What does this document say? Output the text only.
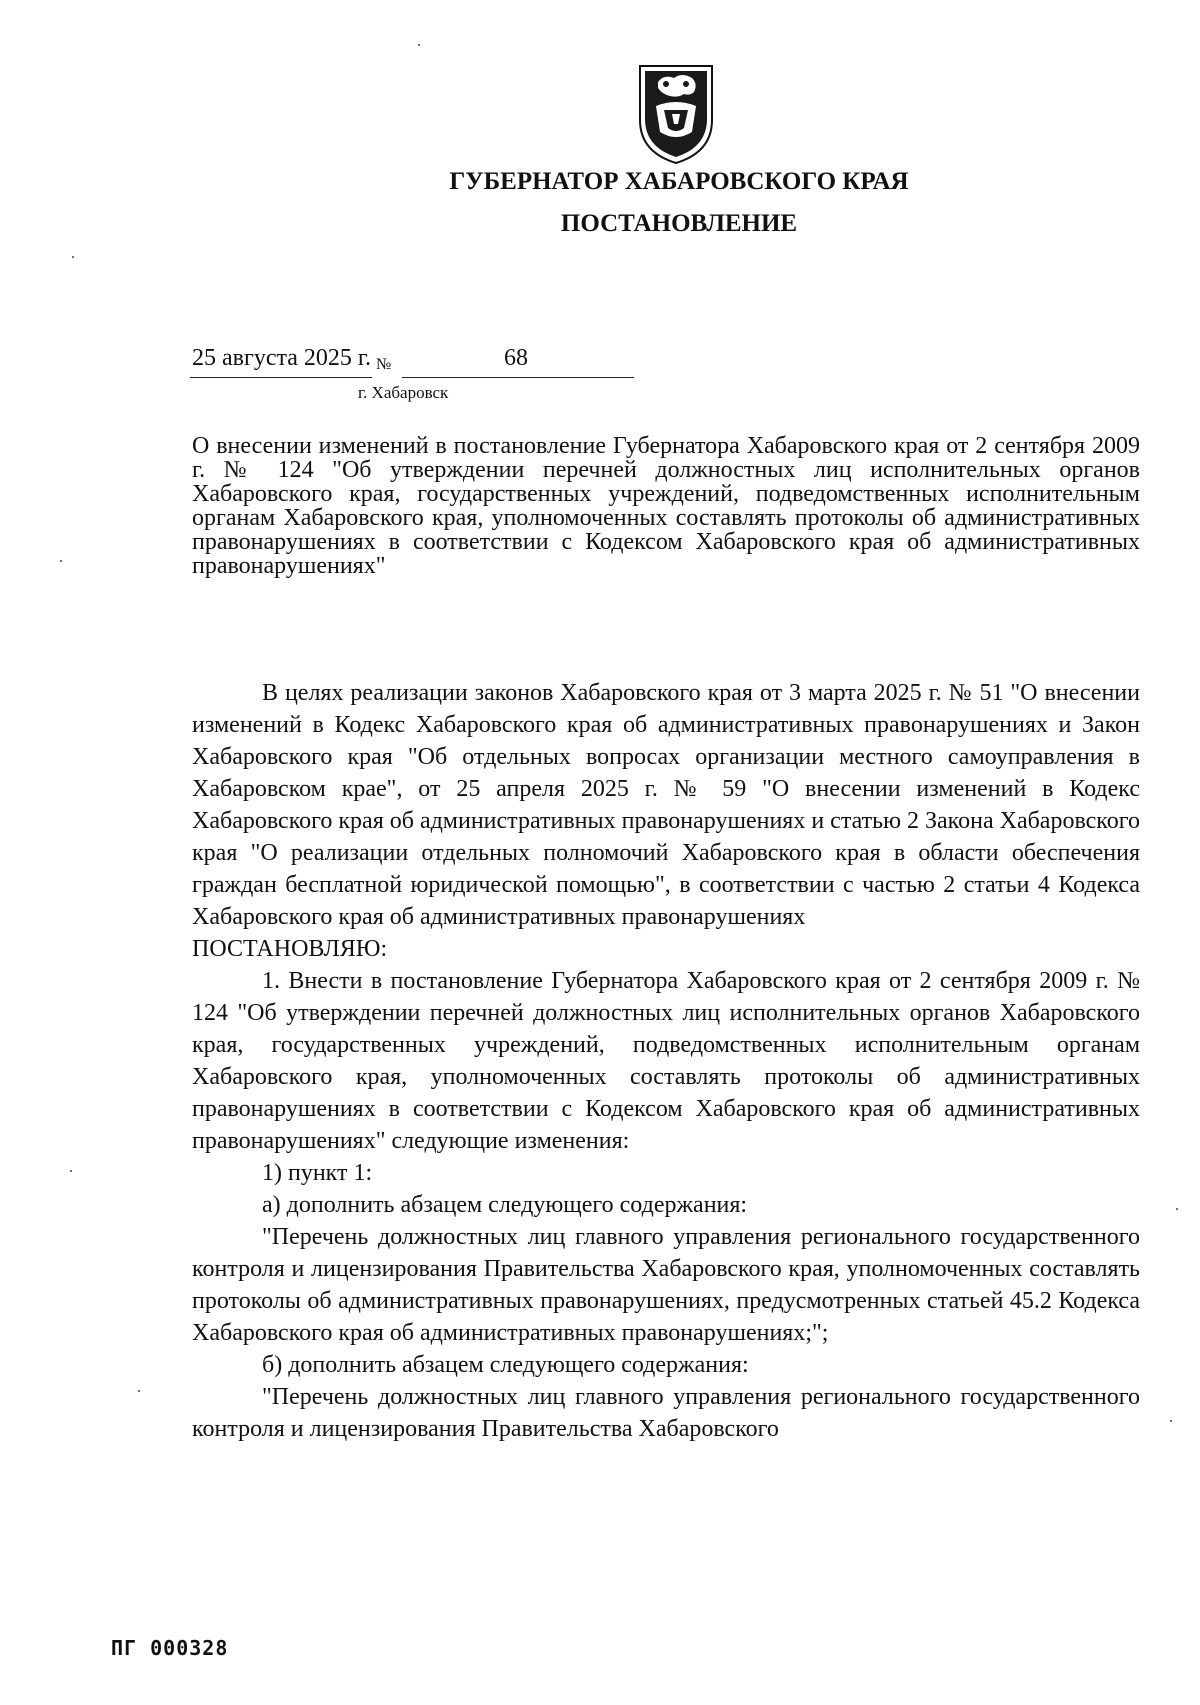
ГУБЕРНАТОР ХАБАРОВСКОГО КРАЯ
ПОСТАНОВЛЕНИЕ
25 августа 2025 г. №	68
г. Хабаровск
О внесении изменений в постановление Губернатора Хабаровского края от 2 сентября 2009 г. № 124 "Об утверждении перечней должностных лиц исполнительных органов Хабаровского края, государственных учреждений, подведомственных исполнительным органам Хабаровского края, уполномоченных составлять протоколы об административных правонарушениях в соответствии с Кодексом Хабаровского края об административных правонарушениях"

В целях реализации законов Хабаровского края от 3 марта 2025 г. № 51 "О внесении изменений в Кодекс Хабаровского края об административных правонарушениях и Закон Хабаровского края "Об отдельных вопросах организации местного самоуправления в Хабаровском крае", от 25 апреля 2025 г. № 59 "О внесении изменений в Кодекс Хабаровского края об административных правонарушениях и статью 2 Закона Хабаровского края "О реализации отдельных полномочий Хабаровского края в области обеспечения граждан бесплатной юридической помощью", в соответствии с частью 2 статьи 4 Кодекса Хабаровского края об административных правонарушениях

ПОСТАНОВЛЯЮ:

1. Внести в постановление Губернатора Хабаровского края от 2 сентября 2009 г. № 124 "Об утверждении перечней должностных лиц исполнительных органов Хабаровского края, государственных учреждений, подведомственных исполнительным органам Хабаровского края, уполномоченных составлять протоколы об административных правонарушениях в соответствии с Кодексом Хабаровского края об административных правонарушениях" следующие изменения:

1) пункт 1:

а) дополнить абзацем следующего содержания:

"Перечень должностных лиц главного управления регионального государственного контроля и лицензирования Правительства Хабаровского края, уполномоченных составлять протоколы об административных правонарушениях, предусмотренных статьей 45.2 Кодекса Хабаровского края об административных правонарушениях;";

б) дополнить абзацем следующего содержания:

"Перечень должностных лиц главного управления регионального государственного контроля и лицензирования Правительства Хабаровского

ПГ 000328
